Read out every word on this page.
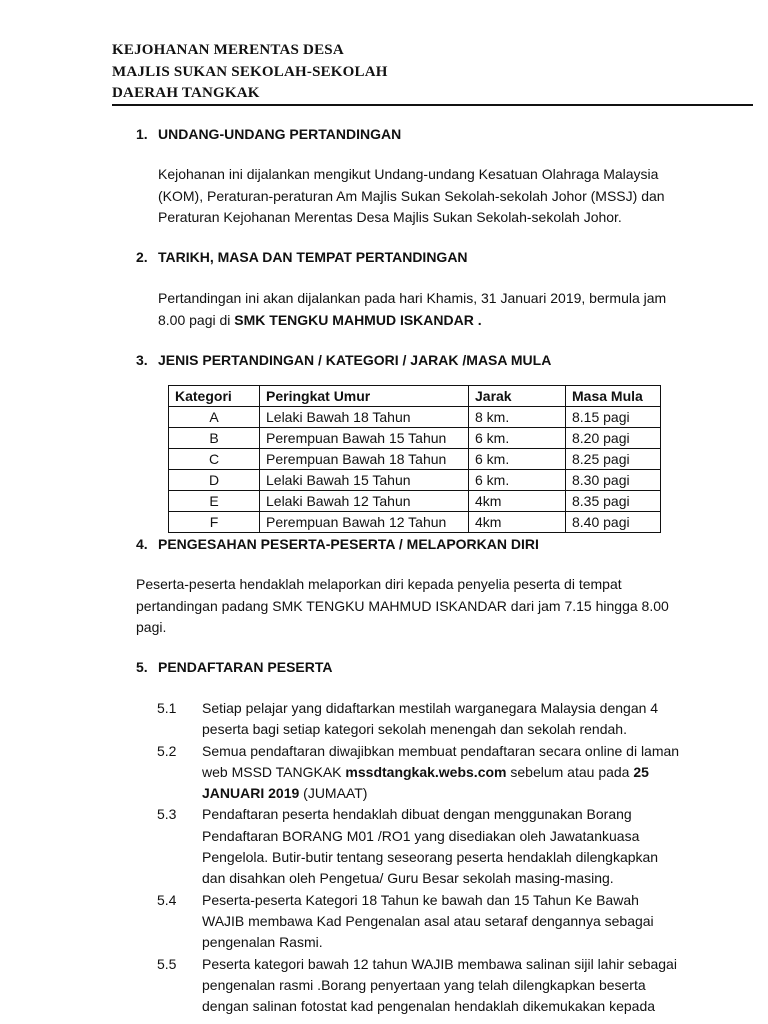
KEJOHANAN MERENTAS DESA
MAJLIS SUKAN SEKOLAH-SEKOLAH
DAERAH TANGKAK
1. UNDANG-UNDANG PERTANDINGAN
Kejohanan ini dijalankan mengikut Undang-undang Kesatuan Olahraga Malaysia
(KOM), Peraturan-peraturan Am Majlis Sukan Sekolah-sekolah Johor (MSSJ) dan
Peraturan Kejohanan Merentas Desa Majlis Sukan Sekolah-sekolah Johor.
2. TARIKH, MASA DAN TEMPAT PERTANDINGAN
Pertandingan ini akan dijalankan pada hari Khamis, 31 Januari 2019, bermula jam
8.00 pagi di SMK TENGKU MAHMUD ISKANDAR .
3. JENIS PERTANDINGAN / KATEGORI / JARAK /MASA MULA
Kategori	Peringkat Umur	Jarak	Masa Mula
A	Lelaki Bawah 18 Tahun	8 km.	8.15 pagi
B	Perempuan Bawah 15 Tahun	6 km.	8.20 pagi
C	Perempuan Bawah 18 Tahun	6 km.	8.25 pagi
D	Lelaki Bawah 15 Tahun	6 km.	8.30 pagi
E	Lelaki Bawah 12 Tahun	4km	8.35 pagi
F	Perempuan Bawah 12 Tahun	4km	8.40 pagi
4. PENGESAHAN PESERTA-PESERTA / MELAPORKAN DIRI
Peserta-peserta hendaklah melaporkan diri kepada penyelia peserta di tempat
pertandingan padang SMK TENGKU MAHMUD ISKANDAR dari jam 7.15 hingga 8.00
pagi.
5. PENDAFTARAN PESERTA
5.1	Setiap pelajar yang didaftarkan mestilah warganegara Malaysia dengan 4
peserta bagi setiap kategori sekolah menengah dan sekolah rendah.
5.2	Semua pendaftaran diwajibkan membuat pendaftaran secara online di laman
web MSSD TANGKAK mssdtangkak.webs.com sebelum atau pada 25
JANUARI 2019 (JUMAAT)
5.3	Pendaftaran peserta hendaklah dibuat dengan menggunakan Borang
Pendaftaran BORANG M01 /RO1 yang disediakan oleh Jawatankuasa
Pengelola. Butir-butir tentang seseorang peserta hendaklah dilengkapkan
dan disahkan oleh Pengetua/ Guru Besar sekolah masing-masing.
5.4	Peserta-peserta Kategori 18 Tahun ke bawah dan 15 Tahun Ke Bawah
WAJIB membawa Kad Pengenalan asal atau setaraf dengannya sebagai
pengenalan Rasmi.
5.5	Peserta kategori bawah 12 tahun WAJIB membawa salinan sijil lahir sebagai
pengenalan rasmi .Borang penyertaan yang telah dilengkapkan beserta
dengan salinan fotostat kad pengenalan hendaklah dikemukakan kepada
